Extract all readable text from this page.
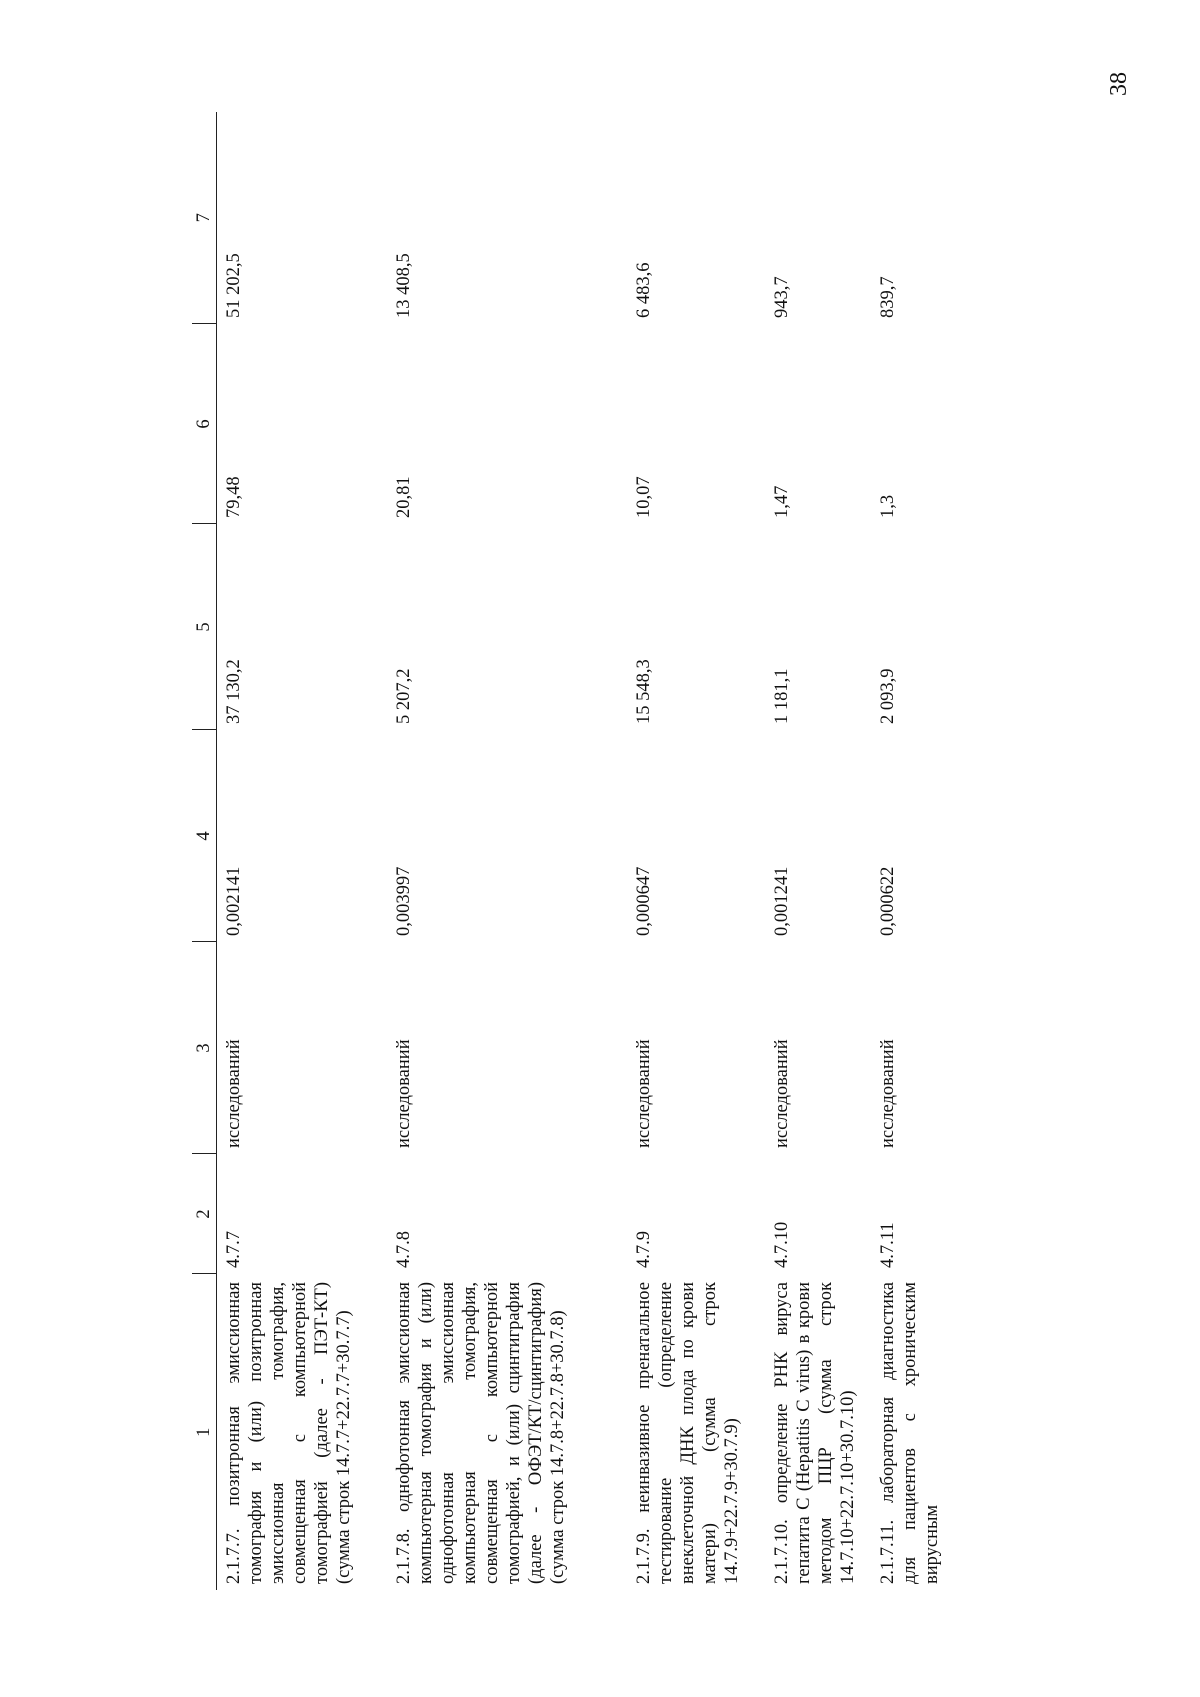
38
1	2	3	4	5	6	7
2.1.7.7. позитронная эмиссионная томография и (или) позитронная эмиссионная томография, совмещенная с компьютерной томографией (далее - ПЭТ-КТ) (сумма строк 14.7.7+22.7.7+30.7.7)	4.7.7	исследований	0,002141	37 130,2	79,48	51 202,5
2.1.7.8. однофотонная эмиссионная компьютерная томография и (или) однофотонная эмиссионная компьютерная томография, совмещенная с компьютерной томографией, и (или) сцинтиграфия (далее - ОФЭТ/КТ/сцинтиграфия) (сумма строк 14.7.8+22.7.8+30.7.8)	4.7.8	исследований	0,003997	5 207,2	20,81	13 408,5
2.1.7.9. неинвазивное пренатальное тестирование (определение внеклеточной ДНК плода по крови матери) (сумма строк 14.7.9+22.7.9+30.7.9)	4.7.9	исследований	0,000647	15 548,3	10,07	6 483,6
2.1.7.10. определение РНК вируса гепатита С (Hepatitis C virus) в крови методом ПЦР (сумма строк 14.7.10+22.7.10+30.7.10)	4.7.10	исследований	0,001241	1 181,1	1,47	943,7
2.1.7.11. лабораторная диагностика для пациентов с хроническим вирусным	4.7.11	исследований	0,000622	2 093,9	1,3	839,7
